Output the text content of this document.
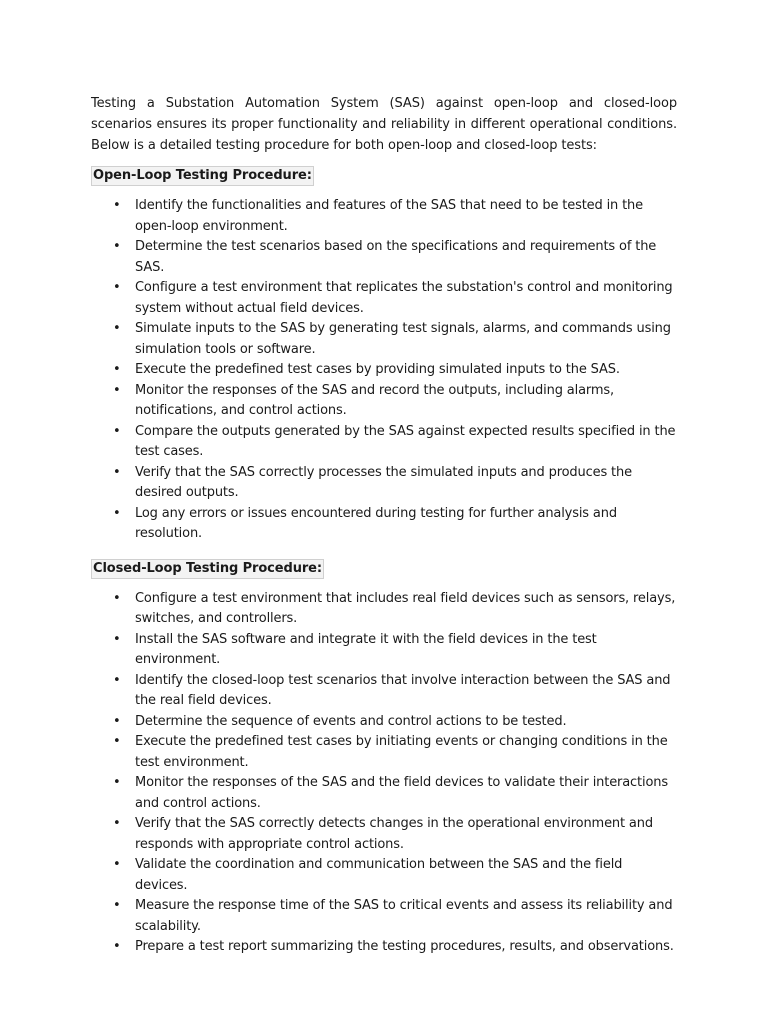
Testing a Substation Automation System (SAS) against open-loop and closed-loop scenarios ensures its proper functionality and reliability in different operational conditions. Below is a detailed testing procedure for both open-loop and closed-loop tests:

Open-Loop Testing Procedure:
• Identify the functionalities and features of the SAS that need to be tested in the open-loop environment.
• Determine the test scenarios based on the specifications and requirements of the SAS.
• Configure a test environment that replicates the substation's control and monitoring system without actual field devices.
• Simulate inputs to the SAS by generating test signals, alarms, and commands using simulation tools or software.
• Execute the predefined test cases by providing simulated inputs to the SAS.
• Monitor the responses of the SAS and record the outputs, including alarms, notifications, and control actions.
• Compare the outputs generated by the SAS against expected results specified in the test cases.
• Verify that the SAS correctly processes the simulated inputs and produces the desired outputs.
• Log any errors or issues encountered during testing for further analysis and resolution.
Closed-Loop Testing Procedure:
• Configure a test environment that includes real field devices such as sensors, relays, switches, and controllers.
• Install the SAS software and integrate it with the field devices in the test environment.
• Identify the closed-loop test scenarios that involve interaction between the SAS and the real field devices.
• Determine the sequence of events and control actions to be tested.
• Execute the predefined test cases by initiating events or changing conditions in the test environment.
• Monitor the responses of the SAS and the field devices to validate their interactions and control actions.
• Verify that the SAS correctly detects changes in the operational environment and responds with appropriate control actions.
• Validate the coordination and communication between the SAS and the field devices.
• Measure the response time of the SAS to critical events and assess its reliability and scalability.
• Prepare a test report summarizing the testing procedures, results, and observations.
